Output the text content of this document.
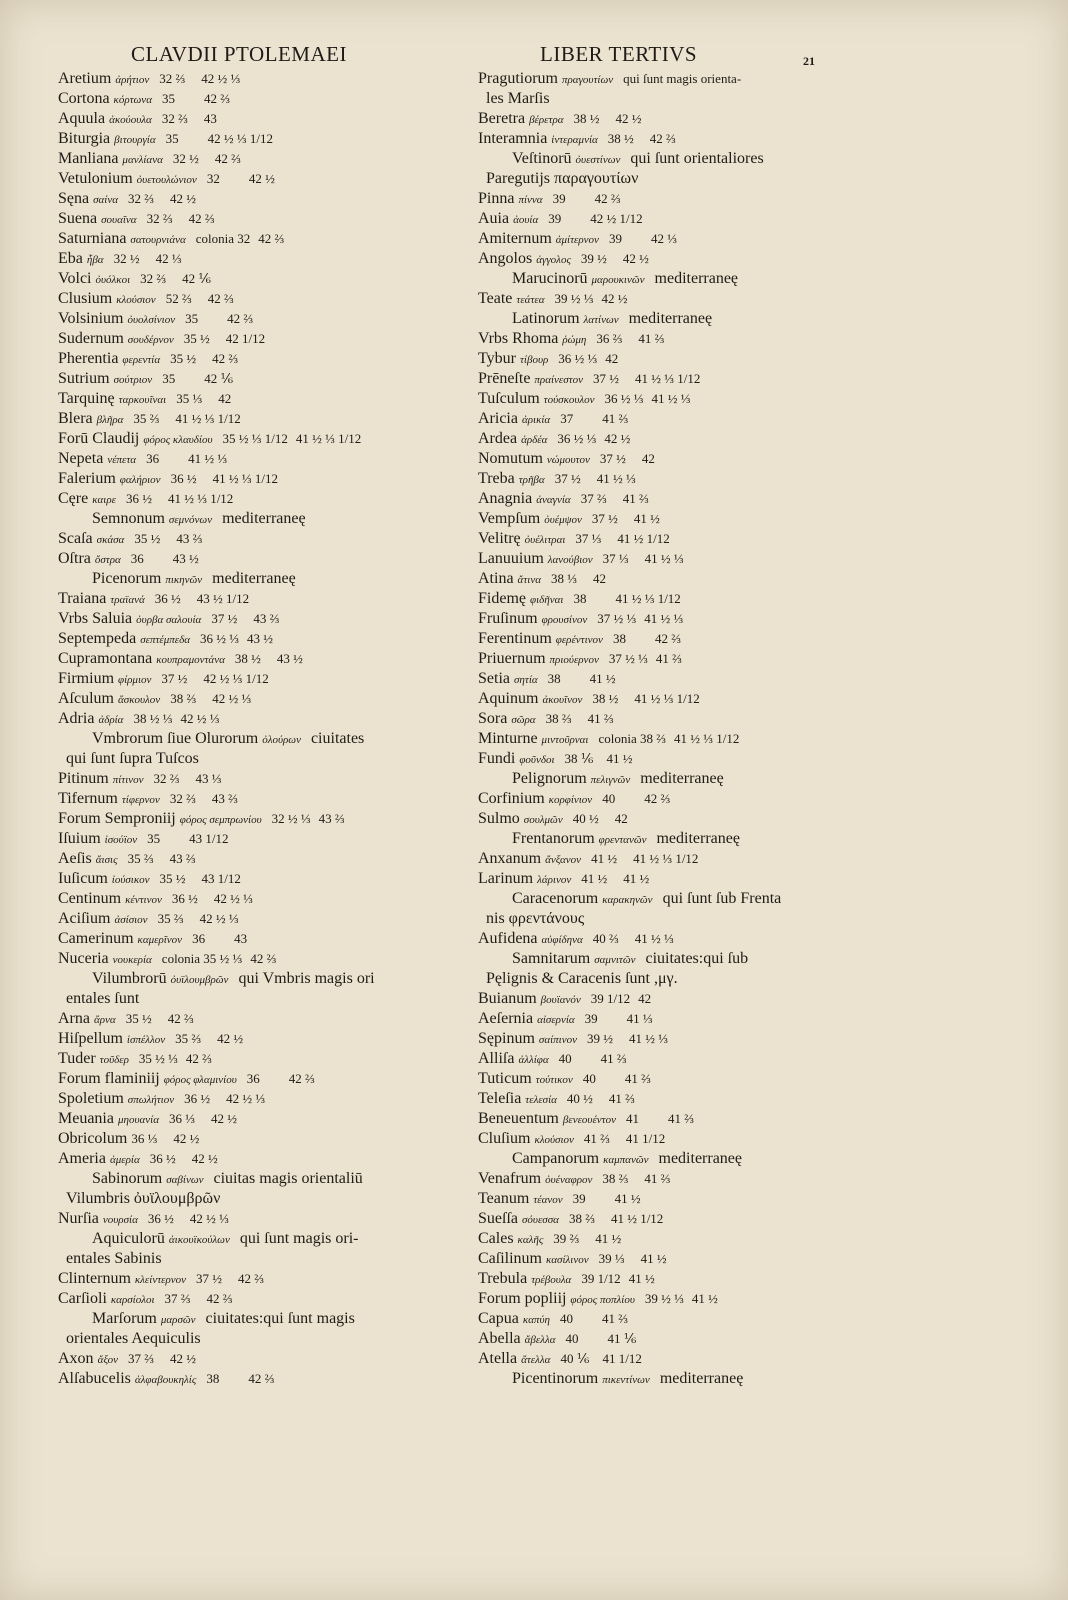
CLAVDII PTOLEMAEI	LIBER TERTIVS	21
Aretium ἀρήτιον 32 ⅔ 42 ½ ⅓
Cortona κόρτωνα 35 42 ⅔
Aquula ἀκούουλα 32 ⅔ 43
Biturgia βιτουργία 35 42 ½ ⅓ 1/12
Manliana μανλίανα 32 ½ 42 ⅔
Vetulonium ὀυετουλώνιον 32 42 ½
Sęna σαίνα 32 ⅔ 42 ½
Suena σουαῖνα 32 ⅔ 42 ⅔
Saturniana σατουρνιάνα colonia 32 42 ⅔
Eba ἧβα 32 ½ 42 ⅓
Volci ὀυόλκοι 32 ⅔ 42 ⅙
Clusium κλούσιον 52 ⅔ 42 ⅔
Volsinium ὀυολσίνιον 35 42 ⅔
Sudernum σουδέρνον 35 ½ 42 1/12
Pherentia φερεντία 35 ½ 42 ⅔
Sutrium σούτριον 35 42 ⅙
Tarquinę ταρκουῖναι 35 ⅓ 42
Blera βλῆρα 35 ⅔ 41 ½ ⅓ 1/12
Forū Claudij φόρος κλαυδίου 35 ½ ⅓ 1/12 41 ½ ⅓ 1/12
Nepeta νέπετα 36 41 ½ ⅓
Falerium φαλήριον 36 ½ 41 ½ ⅓ 1/12
Cęre καιρε 36 ½ 41 ½ ⅓ 1/12
Semnonum σεμνόνων mediterraneę
Scaſa σκάσα 35 ½ 43 ⅔
Oſtra ὄστρα 36 43 ½
Picenorum πικηνῶν mediterraneę
Traiana τραϊανά 36 ½ 43 ½ 1/12
Vrbs Saluia ὀυρβα σαλουία 37 ½ 43 ⅔
Septempeda σεπτέμπεδα 36 ½ ⅓ 43 ½
Cupramontana κουπραμοντάνα 38 ½ 43 ½
Firmium φίρμιον 37 ½ 42 ½ ⅓ 1/12
Aſculum ἄσκουλον 38 ⅔ 42 ½ ⅓
Adria ἀδρία 38 ½ ⅓ 42 ½ ⅓
Vmbrorum ſiue Olurorum ὀλούρων ciuitates
qui ſunt ſupra Tuſcos
Pitinum πίτινον 32 ⅔ 43 ⅓
Tifernum τίφερνον 32 ⅔ 43 ⅔
Forum Semproniĳ φόρος σεμπρωνίου 32 ½ ⅓ 43 ⅔
Iſuium ἰσούϊον 35 43 1/12
Aeſis ἄισις 35 ⅔ 43 ⅔
Iuſicum ἰούσικον 35 ½ 43 1/12
Centinum κέντινον 36 ½ 42 ½ ⅓
Aciſium ἀσίσιον 35 ⅔ 42 ½ ⅓
Camerinum καμερῖνον 36 43
Nuceria νουκερία colonia 35 ½ ⅓ 42 ⅔
Vilumbrorū ὀυϊλουμβρῶν qui Vmbris magis ori
entales ſunt
Arna ἄρνα 35 ½ 42 ⅔
Hiſpellum ἱσπέλλον 35 ⅔ 42 ½
Tuder τοῦδερ 35 ½ ⅓ 42 ⅔
Forum flaminiĳ φόρος φλαμινίου 36 42 ⅔
Spoletium σπωλήτιον 36 ½ 42 ½ ⅓
Meuania μηουανία 36 ⅓ 42 ½
Obricolum 36 ⅓ 42 ½
Ameria ἀμερία 36 ½ 42 ½
Sabinorum σαβίνων ciuitas magis orientaliū
Vilumbris ὀυϊλουμβρῶν
Nurſia νουρσία 36 ½ 42 ½ ⅓
Aquiculorū ἀικουϊκούλων qui ſunt magis ori-
entales Sabinis
Clinternum κλείντερνον 37 ½ 42 ⅔
Carſioli καρσίολοι 37 ⅔ 42 ⅔
Marſorum μαρσῶν ciuitates:qui ſunt magis
orientales Aequiculis
Axon ἄξον 37 ⅔ 42 ½
Alſabucelis ἀλφαβουκηλίς 38 42 ⅔
Pragutiorum πραγουτίων qui ſunt magis orienta-
les Marſis
Beretra βέρετρα 38 ½ 42 ½
Interamnia ἰντεραμνία 38 ½ 42 ⅔
Veſtinorū ὀυεστίνων qui ſunt orientaliores
Paregutijs παραγουτίων
Pinna πίννα 39 42 ⅔
Auia ἀουία 39 42 ½ 1/12
Amiternum ἀμίτερνον 39 42 ⅓
Angolos ἀγγολος 39 ½ 42 ½
Marucinorū μαρουκινῶν mediterraneę
Teate τεάτεα 39 ½ ⅓ 42 ½
Latinorum λατίνων mediterraneę
Vrbs Rhoma ῥώμη 36 ⅔ 41 ⅔
Tybur τίβουρ 36 ½ ⅓ 42
Prēneſte πραίνεστον 37 ½ 41 ½ ⅓ 1/12
Tuſculum τούσκουλον 36 ½ ⅓ 41 ½ ⅓
Aricia ἀρικία 37 41 ⅔
Ardea ἀρδέα 36 ½ ⅓ 42 ½
Nomutum νώμουτον 37 ½ 42
Treba τρῆβα 37 ½ 41 ½ ⅓
Anagnia ἀναγνία 37 ⅔ 41 ⅔
Vempſum ὀυέμψον 37 ½ 41 ½
Velitrę ὀυέλιτραι 37 ⅓ 41 ½ 1/12
Lanuuium λανούβιον 37 ⅓ 41 ½ ⅓
Atina ἄτινα 38 ⅓ 42
Fidemę φιδῆναι 38 41 ½ ⅓ 1/12
Fruſinum φρουσίνον 37 ½ ⅓ 41 ½ ⅓
Ferentinum φερέντινον 38 42 ⅔
Priuernum πριούερνον 37 ½ ⅓ 41 ⅔
Setia σητία 38 41 ½
Aquinum ἀκουῖνον 38 ½ 41 ½ ⅓ 1/12
Sora σῶρα 38 ⅔ 41 ⅔
Minturne μιντοῦρναι colonia 38 ⅔ 41 ½ ⅓ 1/12
Fundi φοῦνδοι 38 ⅙ 41 ½
Pelignorum πελιγνῶν mediterraneę
Corfinium κορφίνιον 40 42 ⅔
Sulmo σουλμῶν 40 ½ 42
Frentanorum φρεντανῶν mediterraneę
Anxanum ἄνξανον 41 ½ 41 ½ ⅓ 1/12
Larinum λάρινον 41 ½ 41 ½
Caracenorum καρακηνῶν qui ſunt ſub Frenta
nis φρεντάνους
Aufidena αὐφίδηνα 40 ⅔ 41 ½ ⅓
Samnitarum σαμνιτῶν ciuitates:qui ſub
Pęlignis & Caracenis ſunt ,μγ.
Buianum βουϊανόν 39 1/12 42
Aeſernia αἰσερνία 39 41 ⅓
Sępinum σαίπινον 39 ½ 41 ½ ⅓
Alliſa ἀλλίφα 40 41 ⅔
Tuticum τούτικον 40 41 ⅔
Teleſia τελεσία 40 ½ 41 ⅔
Beneuentum βενεουέντον 41 41 ⅔
Cluſium κλούσιον 41 ⅔ 41 1/12
Campanorum καμπανῶν mediterraneę
Venafrum ὀυέναφρον 38 ⅔ 41 ⅔
Teanum τέανον 39 41 ½
Sueſſa σόυεσσα 38 ⅔ 41 ½ 1/12
Cales καλῆς 39 ⅔ 41 ½
Caſilinum κασίλινον 39 ⅓ 41 ½
Trebula τρέβουλα 39 1/12 41 ½
Forum popliĳ φόρος ποπλίου 39 ½ ⅓ 41 ½
Capua καπύη 40 41 ⅔
Abella ἄβελλα 40 41 ⅙
Atella ἄτελλα 40 ⅙ 41 1/12
Picentinorum πικεντίνων mediterraneę
